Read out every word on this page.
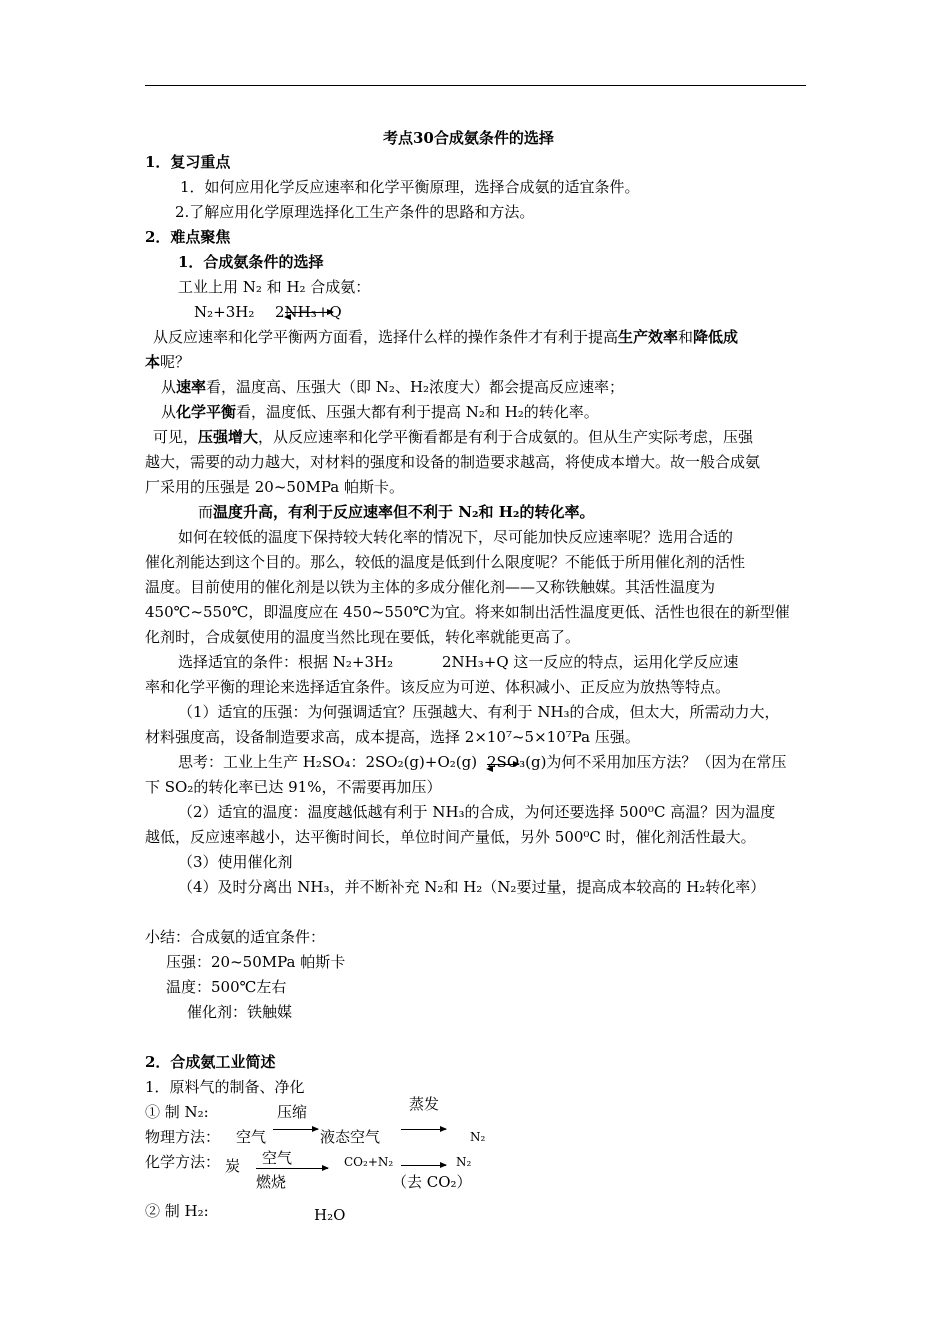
考点30合成氨条件的选择
1．复习重点
1．如何应用化学反应速率和化学平衡原理，选择合成氨的适宜条件。
2.了解应用化学原理选择化工生产条件的思路和方法。
2．难点聚焦
1．合成氨条件的选择
工业上用 N₂ 和 H₂ 合成氨：
N₂+3H₂ 2NH₃+Q
从反应速率和化学平衡两方面看，选择什么样的操作条件才有利于提高生产效率和降低成
本呢？
从速率看，温度高、压强大（即 N₂、H₂浓度大）都会提高反应速率；
从化学平衡看，温度低、压强大都有利于提高 N₂和 H₂的转化率。
可见，压强增大，从反应速率和化学平衡看都是有利于合成氨的。但从生产实际考虑，压强
越大，需要的动力越大，对材料的强度和设备的制造要求越高，将使成本增大。故一般合成氨
厂采用的压强是 20~50MPa 帕斯卡。
而温度升高，有利于反应速率但不利于 N₂和 H₂的转化率。
如何在较低的温度下保持较大转化率的情况下，尽可能加快反应速率呢？选用合适的
催化剂能达到这个目的。那么，较低的温度是低到什么限度呢？不能低于所用催化剂的活性
温度。目前使用的催化剂是以铁为主体的多成分催化剂——又称铁触媒。其活性温度为
450℃~550℃，即温度应在 450~550℃为宜。将来如制出活性温度更低、活性也很在的新型催
化剂时，合成氨使用的温度当然比现在要低，转化率就能更高了。
选择适宜的条件：根据 N₂+3H₂	2NH₃+Q 这一反应的特点，运用化学反应速
率和化学平衡的理论来选择适宜条件。该反应为可逆、体积减小、正反应为放热等特点。
（1）适宜的压强：为何强调适宜？压强越大、有利于 NH₃的合成，但太大，所需动力大，
材料强度高，设备制造要求高，成本提高，选择 2×10⁷~5×10⁷Pa 压强。
思考：工业上生产 H₂SO₄：2SO₂(g)+O₂(g) 2SO₃(g)为何不采用加压方法？（因为在常压
下 SO₂的转化率已达 91%，不需要再加压）
（2）适宜的温度：温度越低越有利于 NH₃的合成，为何还要选择 500⁰C 高温？因为温度
越低，反应速率越小，达平衡时间长，单位时间产量低，另外 500⁰C 时，催化剂活性最大。
（3）使用催化剂
（4）及时分离出 NH₃，并不断补充 N₂和 H₂（N₂要过量，提高成本较高的 H₂转化率）
小结：合成氨的适宜条件：
压强：20~50MPa 帕斯卡
温度：500℃左右
催化剂：铁触媒
2．合成氨工业简述
1．原料气的制备、净化
① 制 N₂:	压缩	蒸发
物理方法： 空气	液态空气	N₂
化学方法： 炭 空气
燃烧
CO₂+N₂	N₂
（去 CO₂）
② 制 H₂:	H₂O
